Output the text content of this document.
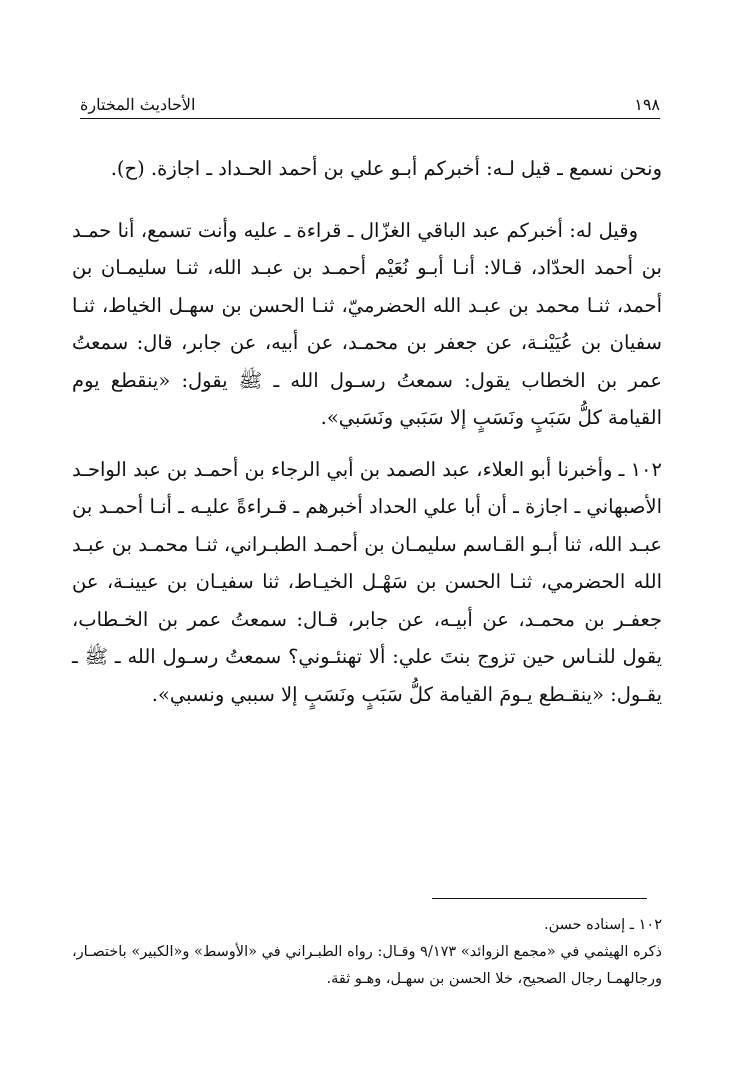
١٩٨
الأحاديث المختارة

ونحن نسمع ـ قيل لـه: أخبركم أبـو علي بن أحمد الحـداد ـ اجازة. (ح).

وقيل له: أخبركم عبد الباقي الغزّال ـ قراءة ـ عليه وأنت تسمع، أنا حمـد بن أحمد الحدّاد، قـالا: أنـا أبـو نُعَيْم أحمـد بن عبـد الله، ثنـا سليمـان بن أحمد، ثنـا محمد بن عبـد الله الحضرميّ، ثنـا الحسن بن سهـل الخياط، ثنـا سفيان بن عُيَيْنـة، عن جعفر بن محمـد، عن أبيه، عن جابر، قال: سمعتُ عمر بن الخطاب يقول: سمعتُ رسـول الله ـ ﷺ يقول: «ينقطع يوم القيامة كلُّ سَبَبٍ ونَسَبٍ إلا سَبَبي ونَسَبي».

١٠٢ ـ وأخبرنا أبو العلاء، عبد الصمد بن أبي الرجاء بن أحمـد بن عبد الواحـد الأصبهاني ـ اجازة ـ أن أبا علي الحداد أخبرهم ـ قـراءةً عليـه ـ أنـا أحمـد بن عبـد الله، ثنا أبـو القـاسم سليمـان بن أحمـد الطبـراني، ثنـا محمـد بن عبـد الله الحضرمي، ثنـا الحسن بن سَهْـل الخيـاط، ثنا سفيـان بن عيينـة، عن جعفـر بن محمـد، عن أبيـه، عن جابر، قـال: سمعتُ عمر بن الخـطاب، يقول للنـاس حين تزوج بنتَ علي: ألا تهنئـوني؟ سمعتُ رسـول الله ـ ﷺ ـ يقـول: «ينقـطع يـومَ القيامة كلُّ سَبَبٍ ونَسَبٍ إلا سببي ونسبي».

١٠٢ ـ إسناده حسن.

ذكره الهيثمي في «مجمع الزوائد» ٩/١٧٣ وقـال: رواه الطبـراني في «الأوسط» و«الكبير» باختصـار، ورجالهمـا رجال الصحيح، خلا الحسن بن سهـل، وهـو ثقة.
